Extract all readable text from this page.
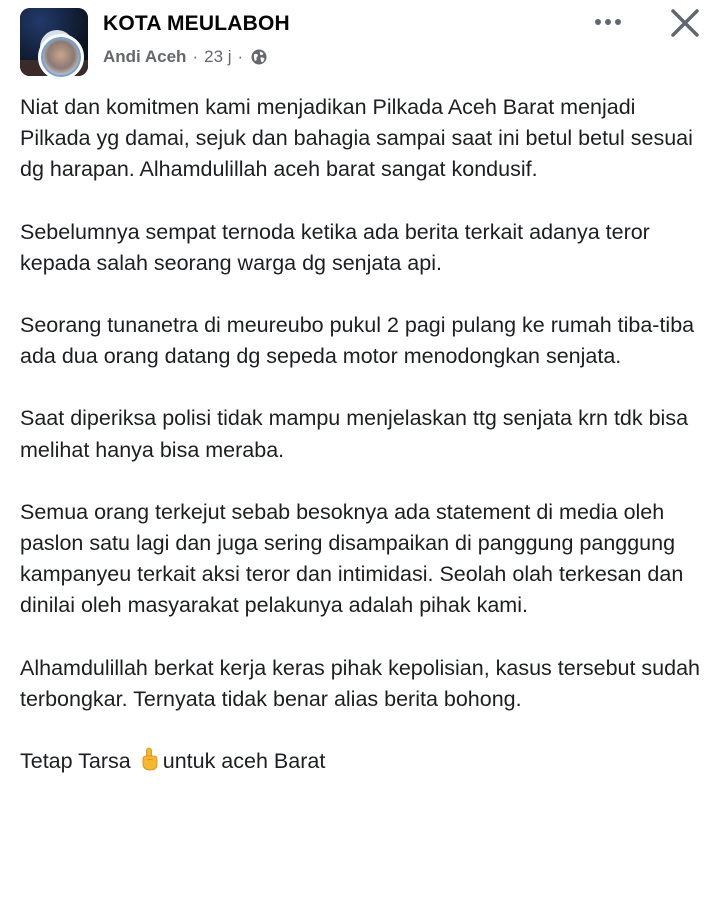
KOTA MEULABOH
Andi Aceh · 23 j ·

Niat dan komitmen kami menjadikan Pilkada Aceh Barat menjadi Pilkada yg damai, sejuk dan bahagia sampai saat ini betul betul sesuai dg harapan. Alhamdulillah aceh barat sangat kondusif.

Sebelumnya sempat ternoda ketika ada berita terkait adanya teror kepada salah seorang warga dg senjata api.

Seorang tunanetra di meureubo pukul 2 pagi pulang ke rumah tiba-tiba ada dua orang datang dg sepeda motor menodongkan senjata.

Saat diperiksa polisi tidak mampu menjelaskan ttg senjata krn tdk bisa melihat hanya bisa meraba.

Semua orang terkejut sebab besoknya ada statement di media oleh paslon satu lagi dan juga sering disampaikan di panggung panggung kampanyeu terkait aksi teror dan intimidasi. Seolah olah terkesan dan dinilai oleh masyarakat pelakunya adalah pihak kami.

Alhamdulillah berkat kerja keras pihak kepolisian, kasus tersebut sudah terbongkar. Ternyata tidak benar alias berita bohong.

Tetap Tarsa untuk aceh Barat
